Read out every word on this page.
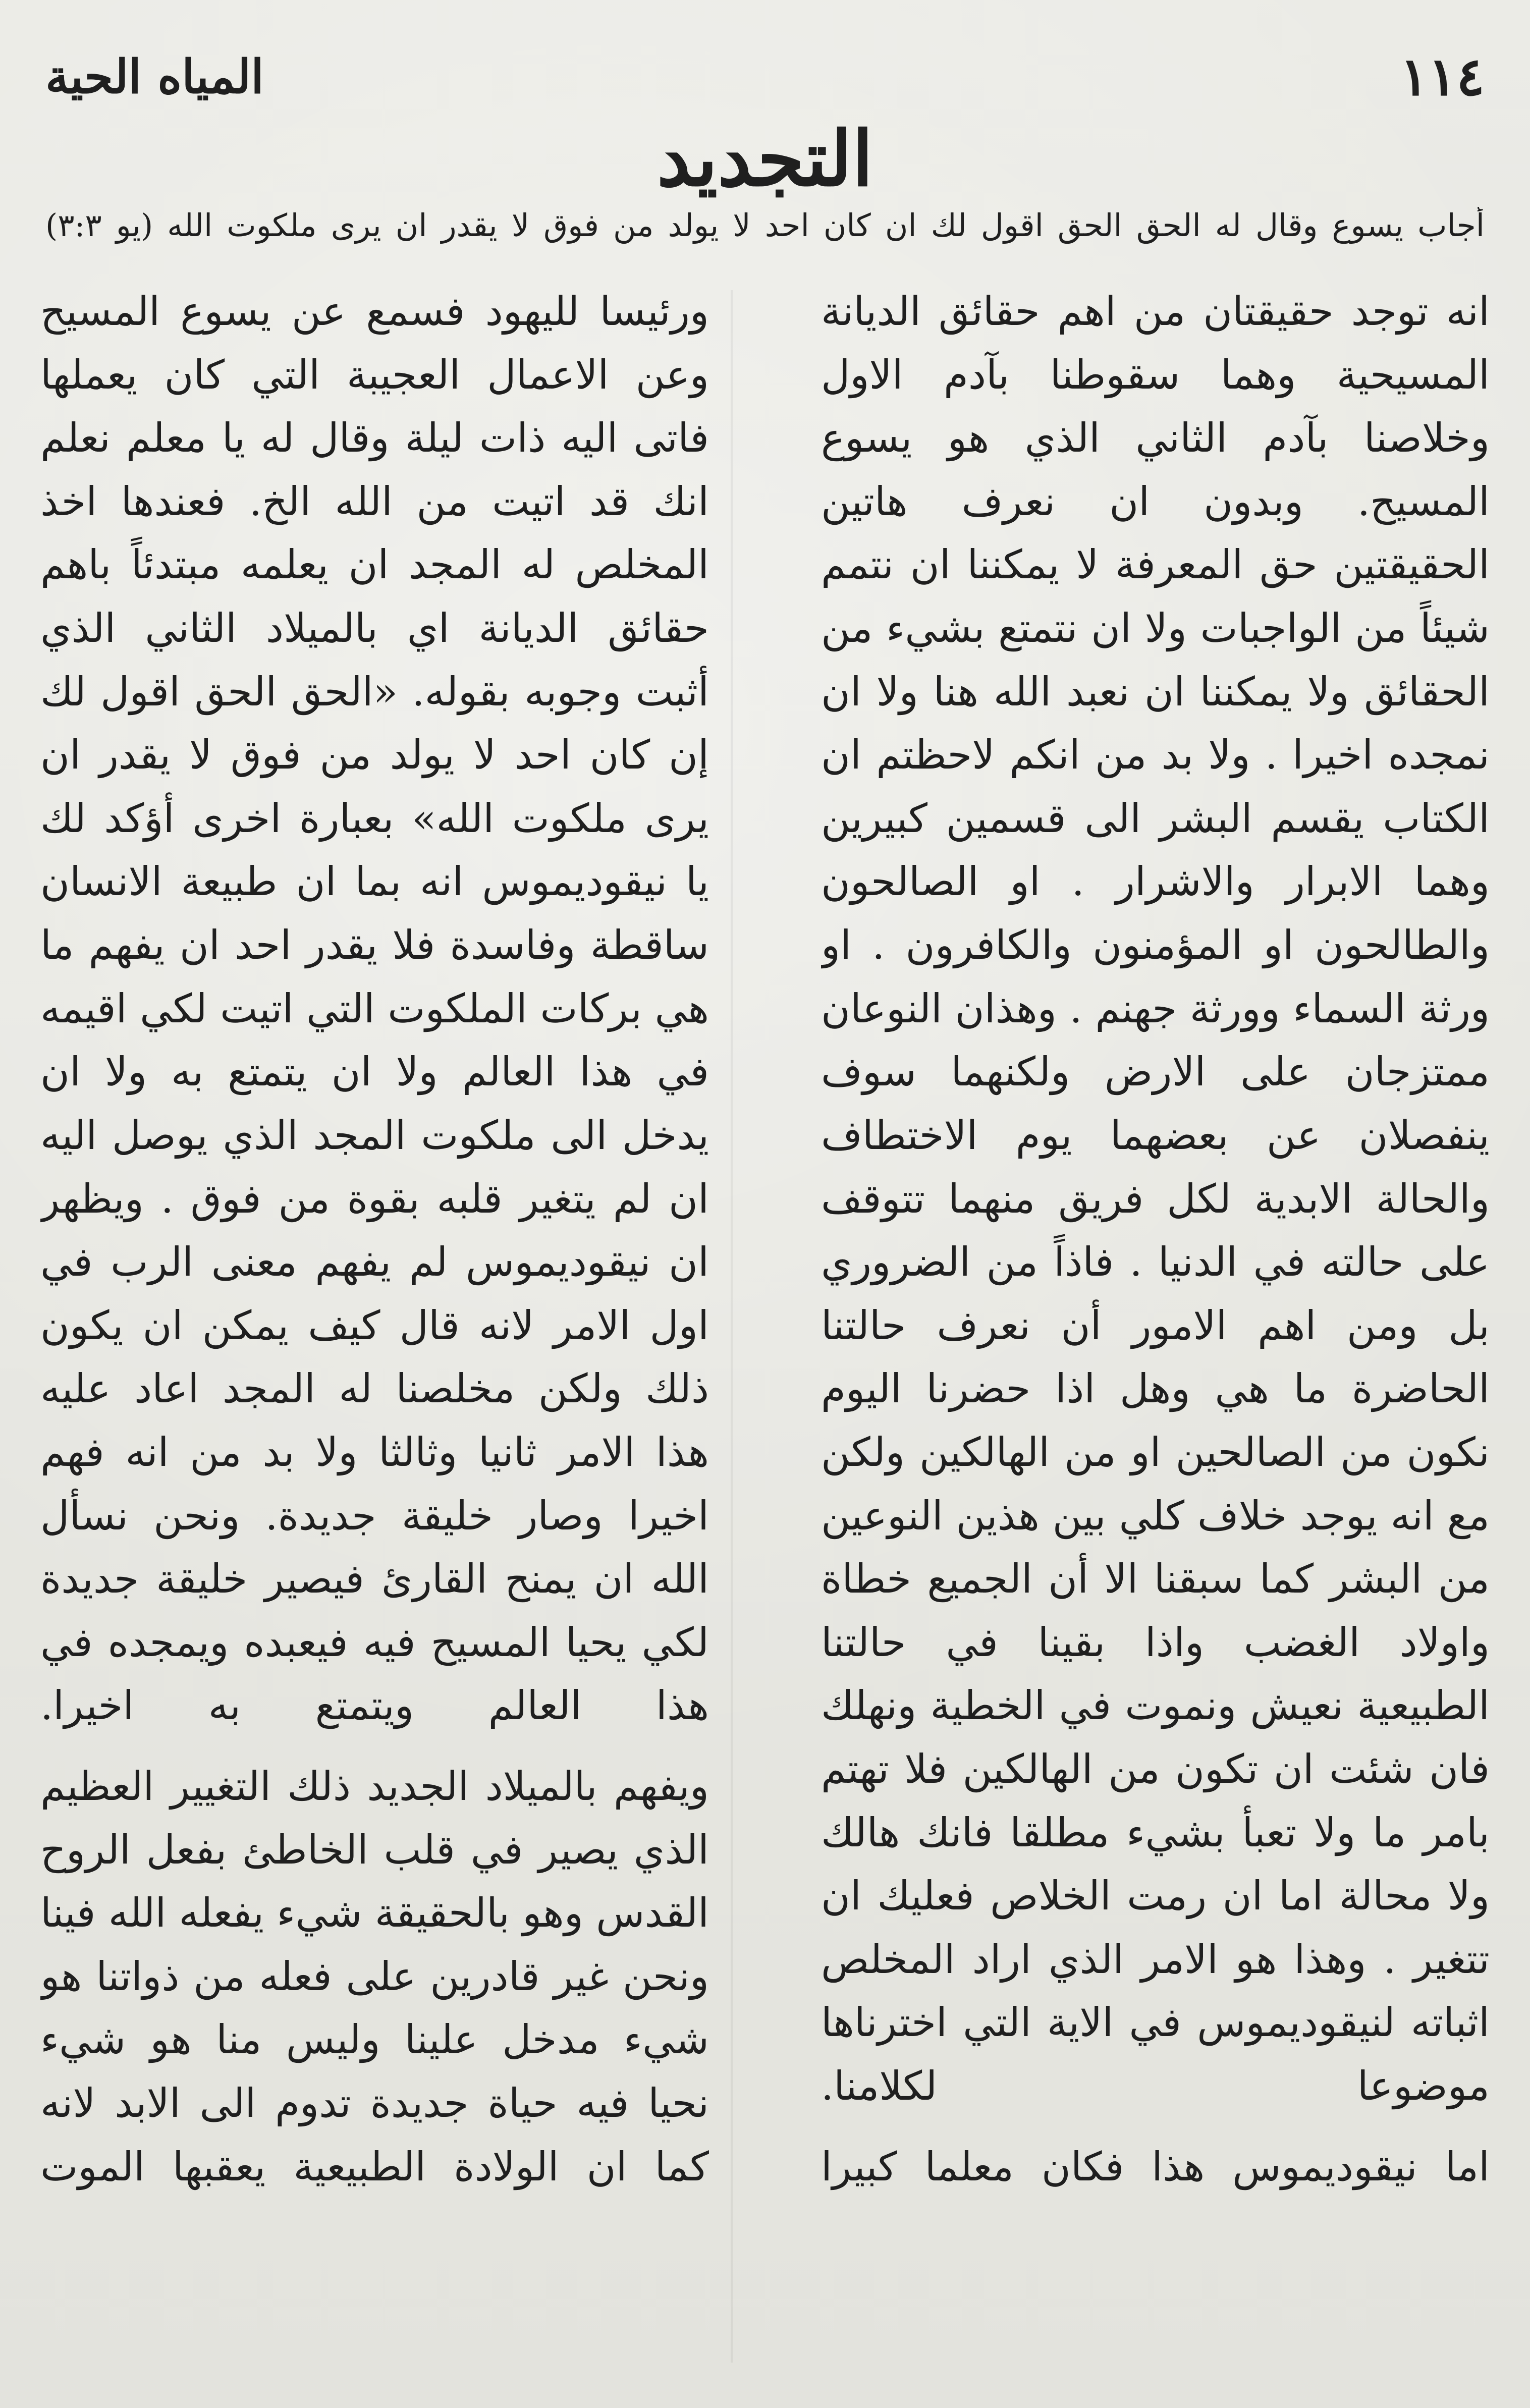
١١٤
المياه الحية
التجديد
أجاب يسوع وقال له الحق الحق اقول لك ان كان احد لا يولد من فوق لا يقدر ان يرى ملكوت الله (يو ٣:٣)

انه توجد حقيقتان من اهم حقائق الديانة المسيحية وهما سقوطنا بآدم الاول وخلاصنا بآدم الثاني الذي هو يسوع المسيح. وبدون ان نعرف هاتين الحقيقتين حق المعرفة لا يمكننا ان نتمم شيئاً من الواجبات ولا ان نتمتع بشيء من الحقائق ولا يمكننا ان نعبد الله هنا ولا ان نمجده اخيرا . ولا بد من انكم لاحظتم ان الكتاب يقسم البشر الى قسمين كبيرين وهما الابرار والاشرار . او الصالحون والطالحون او المؤمنون والكافرون . او ورثة السماء وورثة جهنم . وهذان النوعان ممتزجان على الارض ولكنهما سوف ينفصلان عن بعضهما يوم الاختطاف والحالة الابدية لكل فريق منهما تتوقف على حالته في الدنيا . فاذاً من الضروري بل ومن اهم الامور أن نعرف حالتنا الحاضرة ما هي وهل اذا حضرنا اليوم نكون من الصالحين او من الهالكين ولكن مع انه يوجد خلاف كلي بين هذين النوعين من البشر كما سبقنا الا أن الجميع خطاة واولاد الغضب واذا بقينا في حالتنا الطبيعية نعيش ونموت في الخطية ونهلك فان شئت ان تكون من الهالكين فلا تهتم بامر ما ولا تعبأ بشيء مطلقا فانك هالك ولا محالة اما ان رمت الخلاص فعليك ان تتغير . وهذا هو الامر الذي اراد المخلص اثباته لنيقوديموس في الاية التي اخترناها موضوعا لكلامنا.

اما نيقوديموس هذا فكان معلما كبيرا

ورئيسا لليهود فسمع عن يسوع المسيح وعن الاعمال العجيبة التي كان يعملها فاتى اليه ذات ليلة وقال له يا معلم نعلم انك قد اتيت من الله الخ. فعندها اخذ المخلص له المجد ان يعلمه مبتدئاً باهم حقائق الديانة اي بالميلاد الثاني الذي أثبت وجوبه بقوله. «الحق الحق اقول لك إن كان احد لا يولد من فوق لا يقدر ان يرى ملكوت الله» بعبارة اخرى أؤكد لك يا نيقوديموس انه بما ان طبيعة الانسان ساقطة وفاسدة فلا يقدر احد ان يفهم ما هي بركات الملكوت التي اتيت لكي اقيمه في هذا العالم ولا ان يتمتع به ولا ان يدخل الى ملكوت المجد الذي يوصل اليه ان لم يتغير قلبه بقوة من فوق . ويظهر ان نيقوديموس لم يفهم معنى الرب في اول الامر لانه قال كيف يمكن ان يكون ذلك ولكن مخلصنا له المجد اعاد عليه هذا الامر ثانيا وثالثا ولا بد من انه فهم اخيرا وصار خليقة جديدة. ونحن نسأل الله ان يمنح القارئ فيصير خليقة جديدة لكي يحيا المسيح فيه فيعبده ويمجده في هذا العالم ويتمتع به اخيرا.

ويفهم بالميلاد الجديد ذلك التغيير العظيم الذي يصير في قلب الخاطئ بفعل الروح القدس وهو بالحقيقة شيء يفعله الله فينا ونحن غير قادرين على فعله من ذواتنا هو شيء مدخل علينا وليس منا هو شيء نحيا فيه حياة جديدة تدوم الى الابد لانه كما ان الولادة الطبيعية يعقبها الموت
